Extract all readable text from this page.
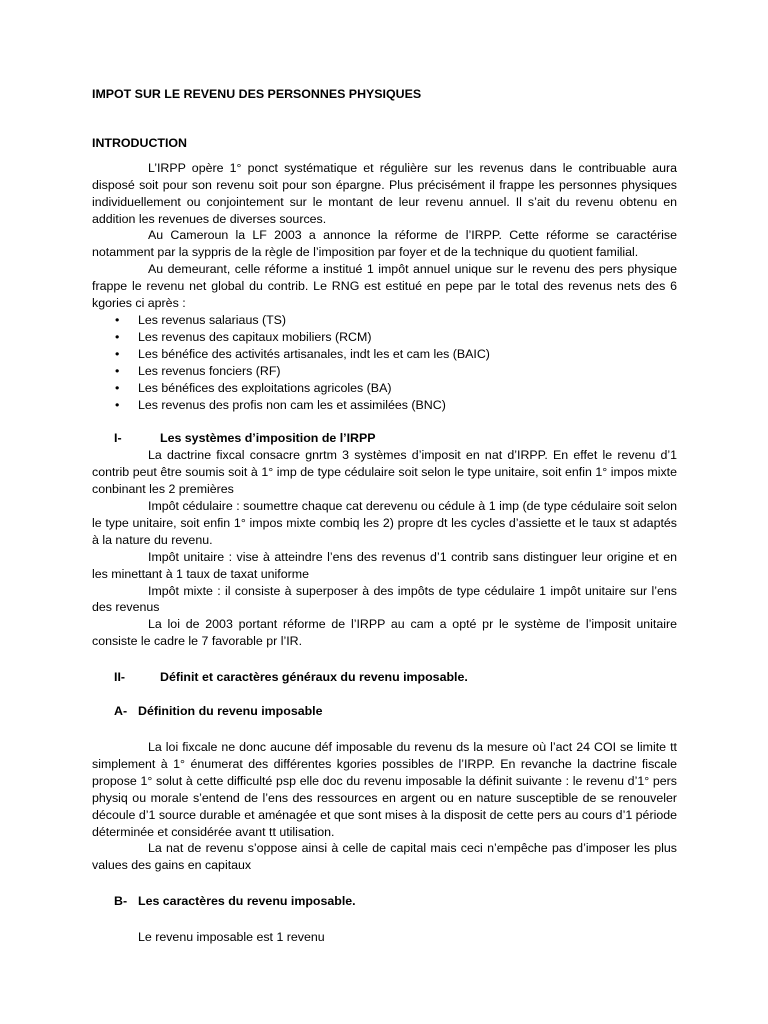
IMPOT SUR LE REVENU DES PERSONNES PHYSIQUES
INTRODUCTION

L’IRPP opère 1° ponct systématique et régulière sur les revenus dans le contribuable aura disposé soit pour son revenu soit pour son épargne. Plus précisément il frappe les personnes physiques individuellement ou conjointement sur le montant de leur revenu annuel. Il s’ait du revenu obtenu en addition les revenues de diverses sources.

Au Cameroun la LF 2003 a annonce la réforme de l’IRPP. Cette réforme se caractérise notamment par la syppris de la règle de l’imposition par foyer et de la technique du quotient familial.

Au demeurant, celle réforme a institué 1 impôt annuel unique sur le revenu des pers physique frappe le revenu net global du contrib. Le RNG est estitué en pepe par le total des revenus nets des 6 kgories ci après :

• Les revenus salariaus (TS)
• Les revenus des capitaux mobiliers (RCM)
• Les bénéfice des activités artisanales, indt les et cam les (BAIC)
• Les revenus fonciers (RF)
• Les bénéfices des exploitations agricoles (BA)
• Les revenus des profis non cam les et assimilées (BNC)
I-	Les systèmes d’imposition de l’IRPP

La dactrine fixcal consacre gnrtm 3 systèmes d’imposit en nat d’IRPP. En effet le revenu d’1 contrib peut être soumis soit à 1° imp de type cédulaire soit selon le type unitaire, soit enfin 1° impos mixte conbinant les 2 premières

Impôt cédulaire : soumettre chaque cat derevenu ou cédule à 1 imp (de type cédulaire soit selon le type unitaire, soit enfin 1° impos mixte combiq les 2) propre dt les cycles d’assiette et le taux st adaptés à la nature du revenu.

Impôt unitaire : vise à atteindre l’ens des revenus d’1 contrib sans distinguer leur origine et en les minettant à 1 taux de taxat uniforme

Impôt mixte : il consiste à superposer à des impôts de type cédulaire 1 impôt unitaire sur l’ens des revenus

La loi de 2003 portant réforme de l’IRPP au cam a opté pr le système de l’imposit unitaire consiste le cadre le 7 favorable pr l’IR.

II-	Définit et caractères généraux du revenu imposable.
A- Définition du revenu imposable

La loi fixcale ne donc aucune déf imposable du revenu ds la mesure où l’act 24 COI se limite tt simplement à 1° énumerat des différentes kgories possibles de l’IRPP. En revanche la dactrine fiscale propose 1° solut à cette difficulté psp elle doc du revenu imposable la définit suivante : le revenu d’1° pers physiq ou morale s’entend de l’ens des ressources en argent ou en nature susceptible de se renouveler découle d’1 source durable et aménagée et que sont mises à la disposit de cette pers au cours d’1 période déterminée et considérée avant tt utilisation.

La nat de revenu s’oppose ainsi à celle de capital mais ceci n’empêche pas d’imposer les plus values des gains en capitaux

B- Les caractères du revenu imposable.

Le revenu imposable est 1 revenu
